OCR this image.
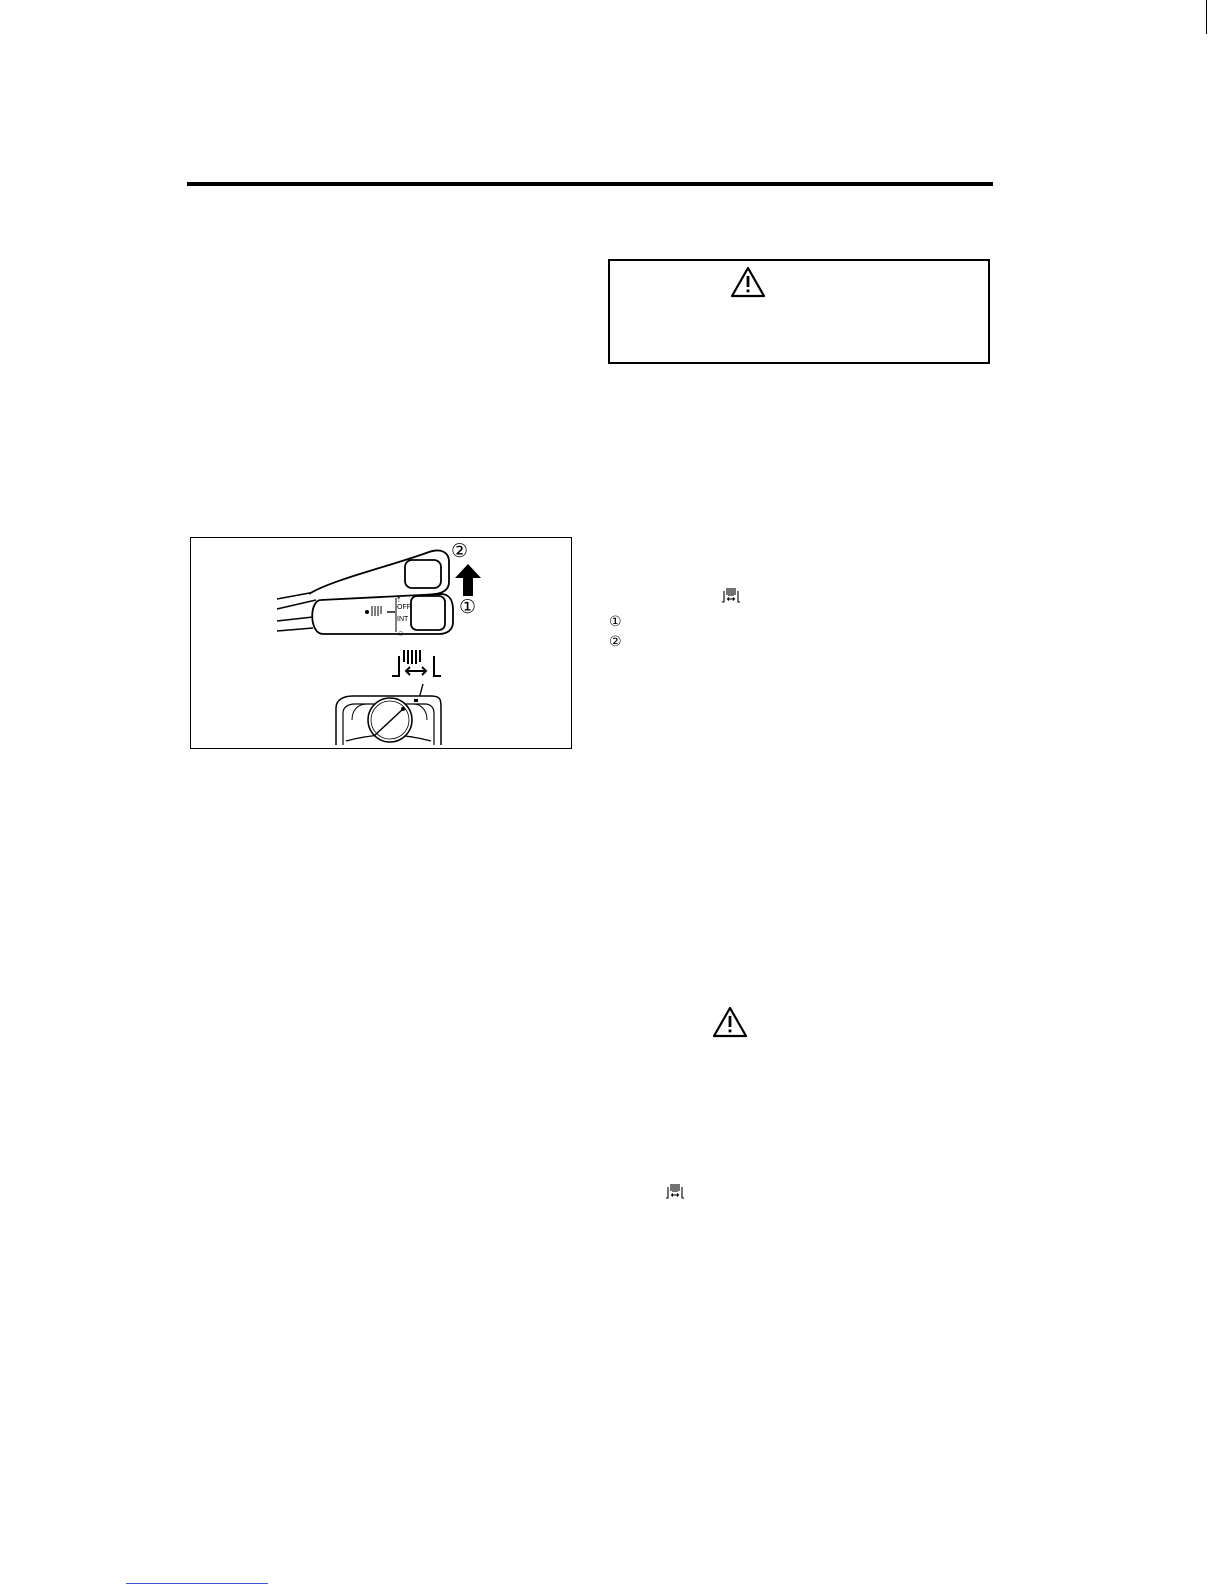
⇡
○
②
①
OFF
INT	①
②
